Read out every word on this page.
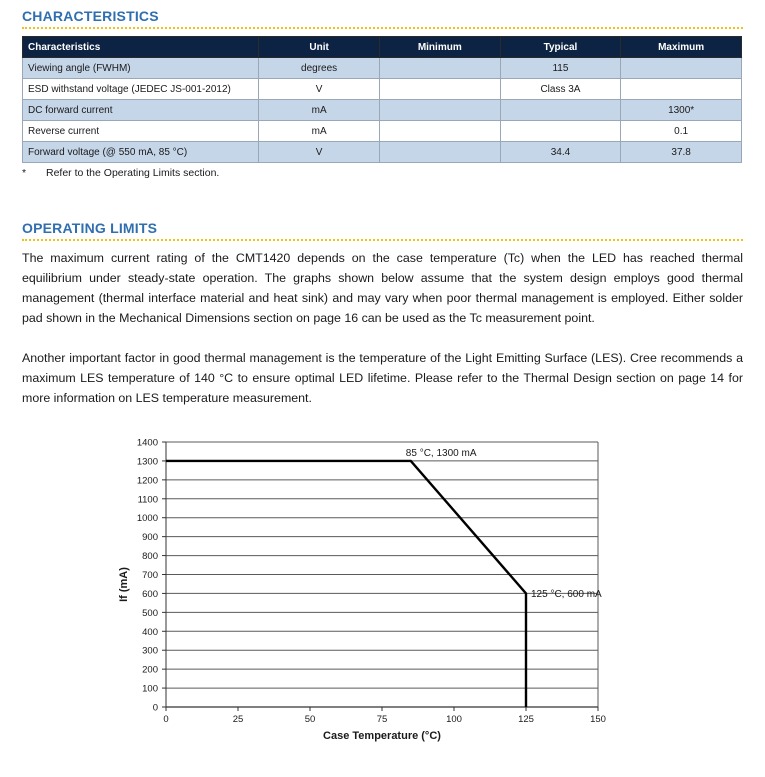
CHARACTERISTICS
Characteristics	Unit	Minimum	Typical	Maximum
Viewing angle (FWHM)	degrees		115	
ESD withstand voltage (JEDEC JS-001-2012)	V		Class 3A	
DC forward current	mA			1300*
Reverse current	mA			0.1
Forward voltage (@ 550 mA, 85 °C)	V		34.4	37.8
* Refer to the Operating Limits section.
OPERATING LIMITS

The maximum current rating of the CMT1420 depends on the case temperature (Tc) when the LED has reached thermal equilibrium under steady-state operation. The graphs shown below assume that the system design employs good thermal management (thermal interface material and heat sink) and may vary when poor thermal management is employed. Either solder pad shown in the Mechanical Dimensions section on page 16 can be used as the Tc measurement point.

Another important factor in good thermal management is the temperature of the Light Emitting Surface (LES). Cree recommends a maximum LES temperature of 140 °C to ensure optimal LED lifetime. Please refer to the Thermal Design section on page 14 for more information on LES temperature measurement.

0
100
200
300
400
500
600
700
800
900
1000
1100
1200
1300
1400
0	25	50	75	100	125	150
85 °C, 1300 mA
125 °C, 600 mA
Case Temperature (°C)
If (mA)
